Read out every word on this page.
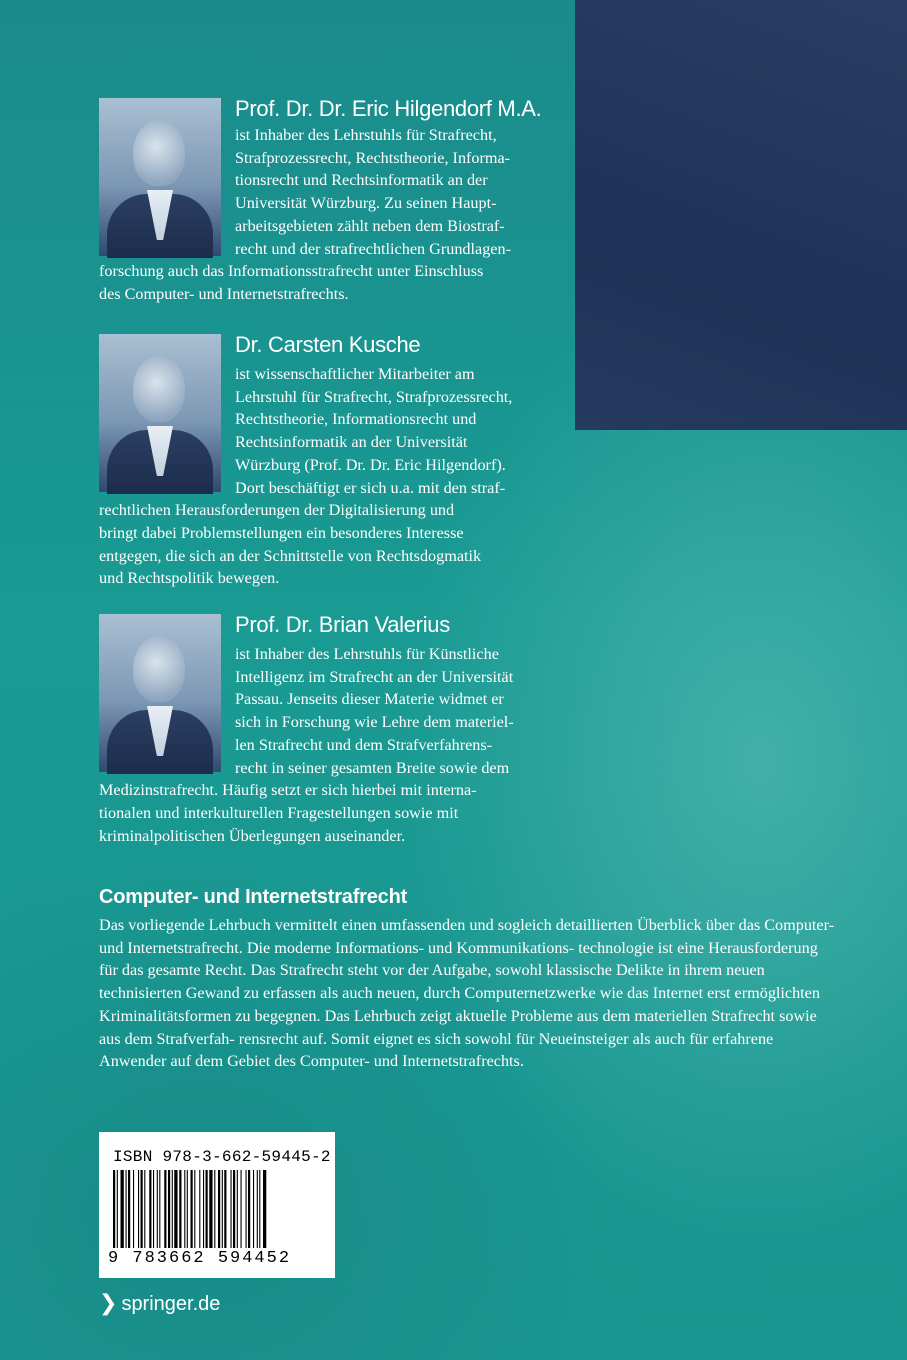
Prof. Dr. Dr. Eric Hilgendorf M.A.
ist Inhaber des Lehrstuhls für Strafrecht,
Strafprozessrecht, Rechtstheorie, Informa-
tionsrecht und Rechtsinformatik an der
Universität Würzburg. Zu seinen Haupt-
arbeitsgebieten zählt neben dem Biostraf-
recht und der strafrechtlichen Grundlagen-
forschung auch das Informationsstrafrecht unter Einschluss
des Computer- und Internetstrafrechts.
Dr. Carsten Kusche
ist wissenschaftlicher Mitarbeiter am
Lehrstuhl für Strafrecht, Strafprozessrecht,
Rechtstheorie, Informationsrecht und
Rechtsinformatik an der Universität
Würzburg (Prof. Dr. Dr. Eric Hilgendorf).
Dort beschäftigt er sich u.a. mit den straf-
rechtlichen Herausforderungen der Digitalisierung und
bringt dabei Problemstellungen ein besonderes Interesse
entgegen, die sich an der Schnittstelle von Rechtsdogmatik
und Rechtspolitik bewegen.
Prof. Dr. Brian Valerius
ist Inhaber des Lehrstuhls für Künstliche
Intelligenz im Strafrecht an der Universität
Passau. Jenseits dieser Materie widmet er
sich in Forschung wie Lehre dem materiel-
len Strafrecht und dem Strafverfahrens-
recht in seiner gesamten Breite sowie dem
Medizinstrafrecht. Häufig setzt er sich hierbei mit interna-
tionalen und interkulturellen Fragestellungen sowie mit
kriminalpolitischen Überlegungen auseinander.
Computer- und Internetstrafrecht

Das vorliegende Lehrbuch vermittelt einen umfassenden und sogleich detaillierten Überblick über das Computer- und Internetstrafrecht. Die moderne Informations- und Kommunikations- technologie ist eine Herausforderung für das gesamte Recht. Das Strafrecht steht vor der Aufgabe, sowohl klassische Delikte in ihrem neuen technisierten Gewand zu erfassen als auch neuen, durch Computernetzwerke wie das Internet erst ermöglichten Kriminalitätsformen zu begegnen. Das Lehrbuch zeigt aktuelle Probleme aus dem materiellen Strafrecht sowie aus dem Strafverfah- rensrecht auf. Somit eignet es sich sowohl für Neueinsteiger als auch für erfahrene Anwender auf dem Gebiet des Computer- und Internetstrafrechts.

ISBN 978-3-662-59445-2
9 783662 594452
❯ springer.de
